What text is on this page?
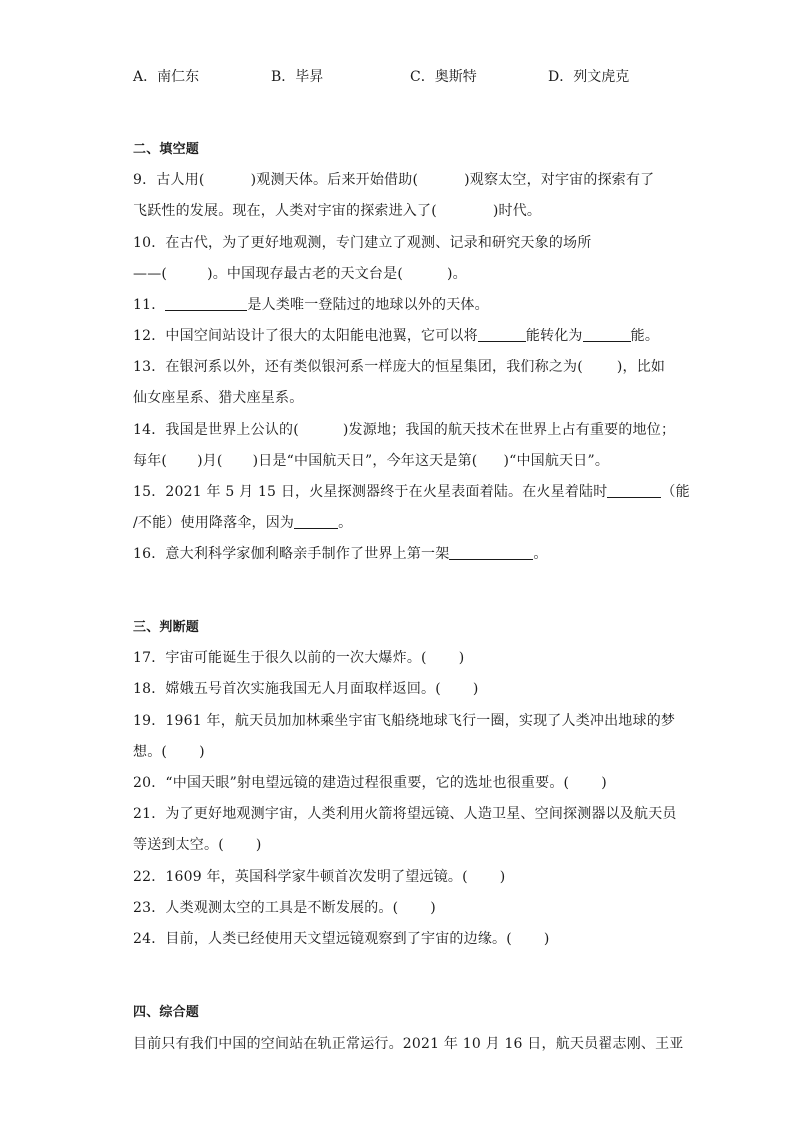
A．南仁东	B．毕昇	C．奥斯特	D．列文虎克
二、填空题
9．古人用(	)观测天体。后来开始借助(	)观察太空，对宇宙的探索有了
飞跃性的发展。现在，人类对宇宙的探索进入了(	)时代。
10．在古代，为了更好地观测，专门建立了观测、记录和研究天象的场所
——(	)。中国现存最古老的天文台是(	)。
11．	是人类唯一登陆过的地球以外的天体。
12．中国空间站设计了很大的太阳能电池翼，它可以将	能转化为	能。
13．在银河系以外，还有类似银河系一样庞大的恒星集团，我们称之为( )，比如
仙女座星系、猎犬座星系。
14．我国是世界上公认的(	)发源地；我国的航天技术在世界上占有重要的地位；
每年( )月( )日是“中国航天日”，今年这天是第( )“中国航天日”。
15．2021 年 5 月 15 日，火星探测器终于在火星表面着陆。在火星着陆时	（能
/不能）使用降落伞，因为	。
16．意大利科学家伽利略亲手制作了世界上第一架	。
三、判断题
17．宇宙可能诞生于很久以前的一次大爆炸。( )
18．嫦娥五号首次实施我国无人月面取样返回。( )
19．1961 年，航天员加加林乘坐宇宙飞船绕地球飞行一圈，实现了人类冲出地球的梦
想。( )
20．“中国天眼”射电望远镜的建造过程很重要，它的选址也很重要。( )
21．为了更好地观测宇宙，人类利用火箭将望远镜、人造卫星、空间探测器以及航天员
等送到太空。( )
22．1609 年，英国科学家牛顿首次发明了望远镜。( )
23．人类观测太空的工具是不断发展的。( )
24．目前，人类已经使用天文望远镜观察到了宇宙的边缘。( )
四、综合题
目前只有我们中国的空间站在轨正常运行。2021 年 10 月 16 日，航天员翟志刚、王亚
